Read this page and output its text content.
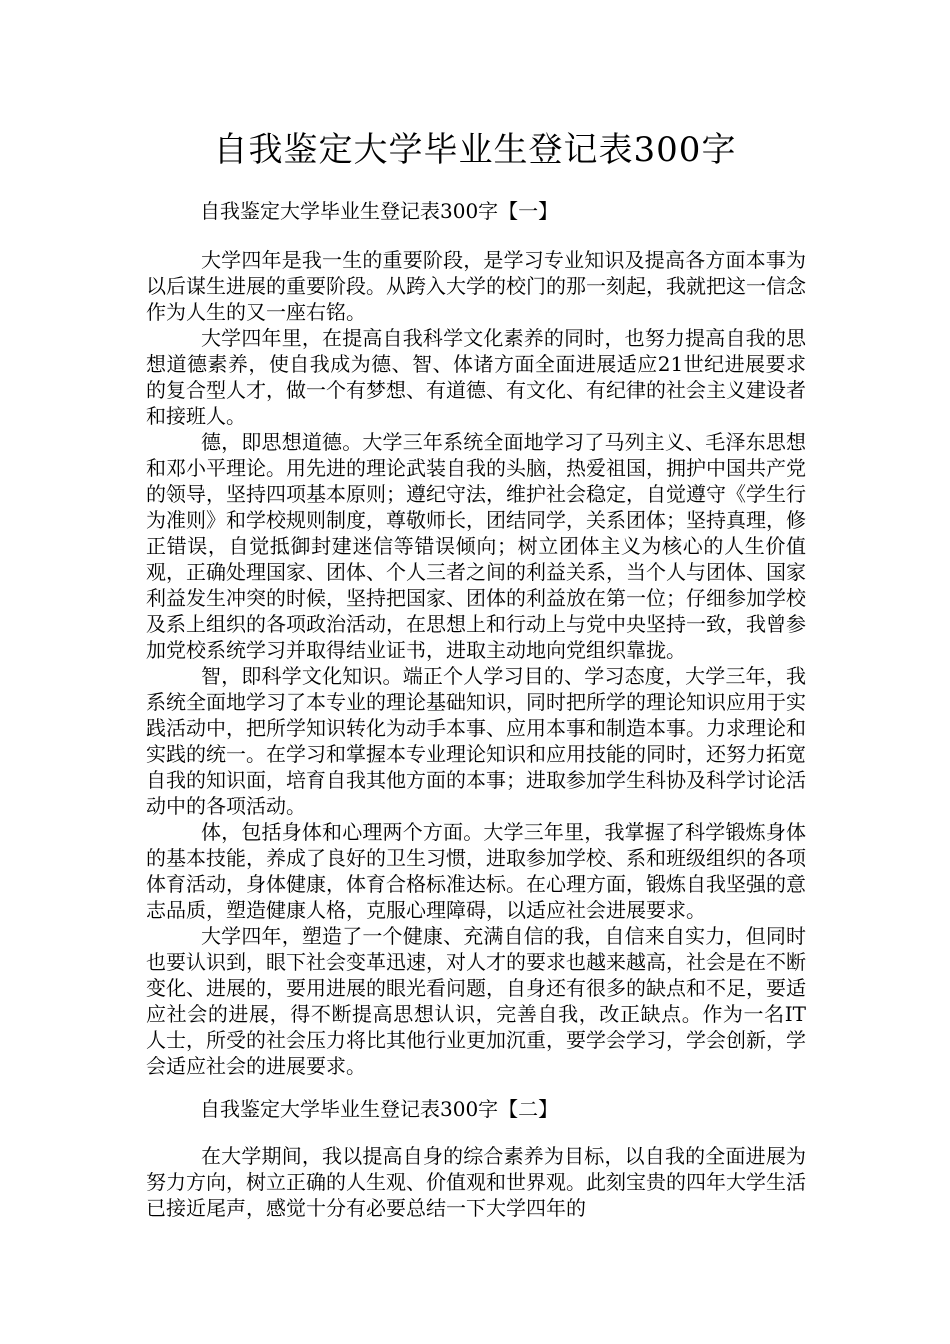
自我鉴定大学毕业生登记表300字
自我鉴定大学毕业生登记表300字【一】

大学四年是我一生的重要阶段，是学习专业知识及提高各方面本事为以后谋生进展的重要阶段。从跨入大学的校门的那一刻起，我就把这一信念作为人生的又一座右铭。

大学四年里，在提高自我科学文化素养的同时，也努力提高自我的思想道德素养，使自我成为德、智、体诸方面全面进展适应21世纪进展要求的复合型人才，做一个有梦想、有道德、有文化、有纪律的社会主义建设者和接班人。

德，即思想道德。大学三年系统全面地学习了马列主义、毛泽东思想和邓小平理论。用先进的理论武装自我的头脑，热爱祖国，拥护中国共产党的领导，坚持四项基本原则；遵纪守法，维护社会稳定，自觉遵守《学生行为准则》和学校规则制度，尊敬师长，团结同学，关系团体；坚持真理，修正错误，自觉抵御封建迷信等错误倾向；树立团体主义为核心的人生价值观，正确处理国家、团体、个人三者之间的利益关系，当个人与团体、国家利益发生冲突的时候，坚持把国家、团体的利益放在第一位；仔细参加学校及系上组织的各项政治活动，在思想上和行动上与党中央坚持一致，我曾参加党校系统学习并取得结业证书，进取主动地向党组织靠拢。

智，即科学文化知识。端正个人学习目的、学习态度，大学三年，我系统全面地学习了本专业的理论基础知识，同时把所学的理论知识应用于实践活动中，把所学知识转化为动手本事、应用本事和制造本事。力求理论和实践的统一。在学习和掌握本专业理论知识和应用技能的同时，还努力拓宽自我的知识面，培育自我其他方面的本事；进取参加学生科协及科学讨论活动中的各项活动。

体，包括身体和心理两个方面。大学三年里，我掌握了科学锻炼身体的基本技能，养成了良好的卫生习惯，进取参加学校、系和班级组织的各项体育活动，身体健康，体育合格标准达标。在心理方面，锻炼自我坚强的意志品质，塑造健康人格，克服心理障碍，以适应社会进展要求。

大学四年，塑造了一个健康、充满自信的我，自信来自实力，但同时也要认识到，眼下社会变革迅速，对人才的要求也越来越高，社会是在不断变化、进展的，要用进展的眼光看问题，自身还有很多的缺点和不足，要适应社会的进展，得不断提高思想认识，完善自我，改正缺点。作为一名IT人士，所受的社会压力将比其他行业更加沉重，要学会学习，学会创新，学会适应社会的进展要求。

自我鉴定大学毕业生登记表300字【二】

在大学期间，我以提高自身的综合素养为目标，以自我的全面进展为努力方向，树立正确的人生观、价值观和世界观。此刻宝贵的四年大学生活已接近尾声，感觉十分有必要总结一下大学四年的
